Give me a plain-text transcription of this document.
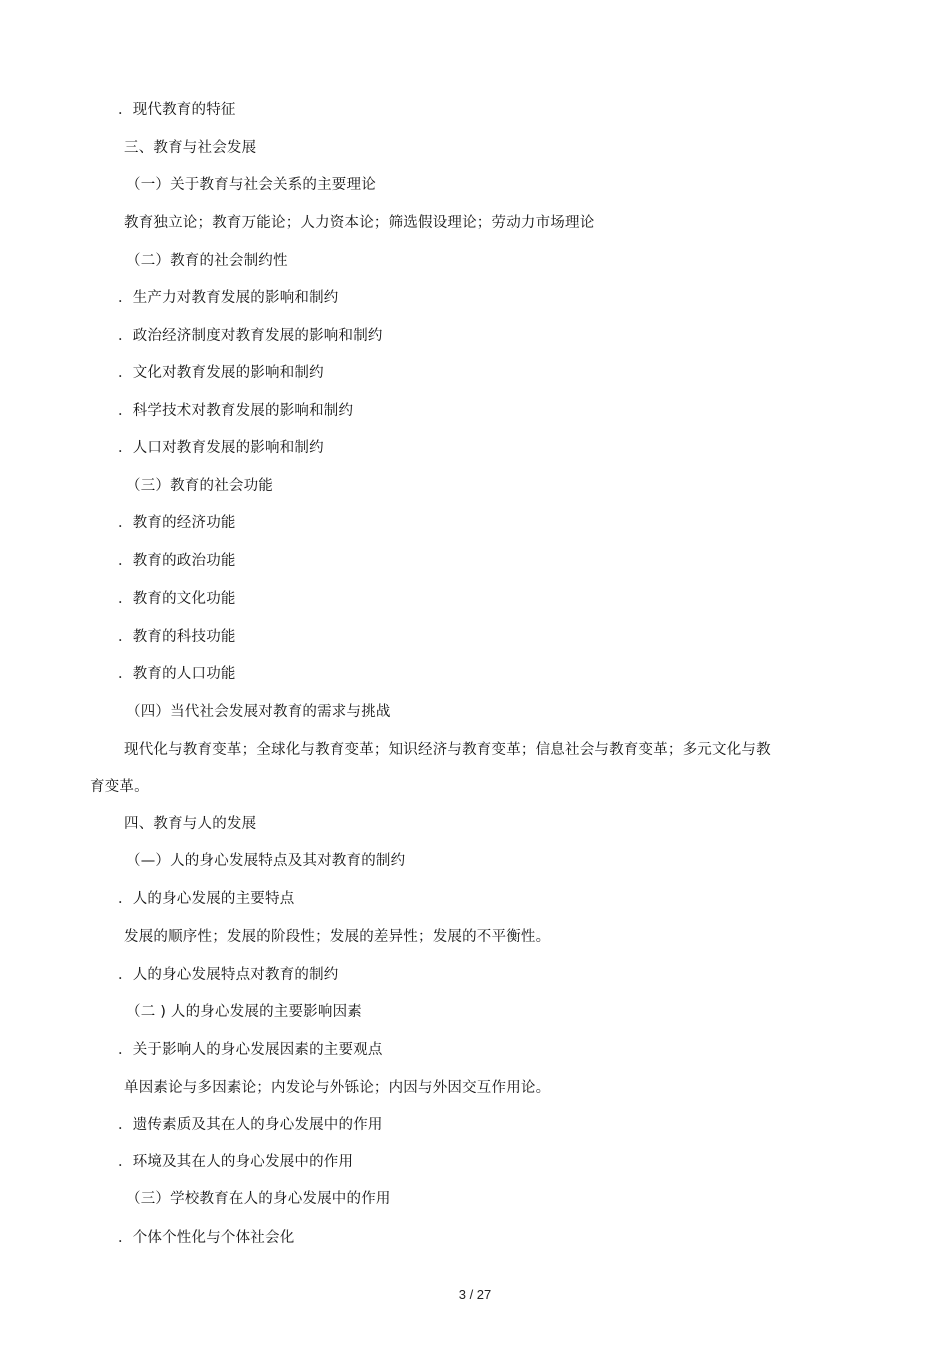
．现代教育的特征
三、教育与社会发展
（一）关于教育与社会关系的主要理论
教育独立论；教育万能论；人力资本论；筛选假设理论；劳动力市场理论
（二）教育的社会制约性
．生产力对教育发展的影响和制约
．政治经济制度对教育发展的影响和制约
．文化对教育发展的影响和制约
．科学技术对教育发展的影响和制约
．人口对教育发展的影响和制约
（三）教育的社会功能
．教育的经济功能
．教育的政治功能
．教育的文化功能
．教育的科技功能
．教育的人口功能
（四）当代社会发展对教育的需求与挑战
现代化与教育变革；全球化与教育变革；知识经济与教育变革；信息社会与教育变革；多元文化与教
育变革。
四、教育与人的发展
（—）人的身心发展特点及其对教育的制约
．人的身心发展的主要特点
发展的顺序性；发展的阶段性；发展的差异性；发展的不平衡性。
．人的身心发展特点对教育的制约
（二 ) 人的身心发展的主要影响因素
．关于影响人的身心发展因素的主要观点
单因素论与多因素论；内发论与外铄论；内因与外因交互作用论。
．遗传素质及其在人的身心发展中的作用
．环境及其在人的身心发展中的作用
（三）学校教育在人的身心发展中的作用
．个体个性化与个体社会化
3 / 27
